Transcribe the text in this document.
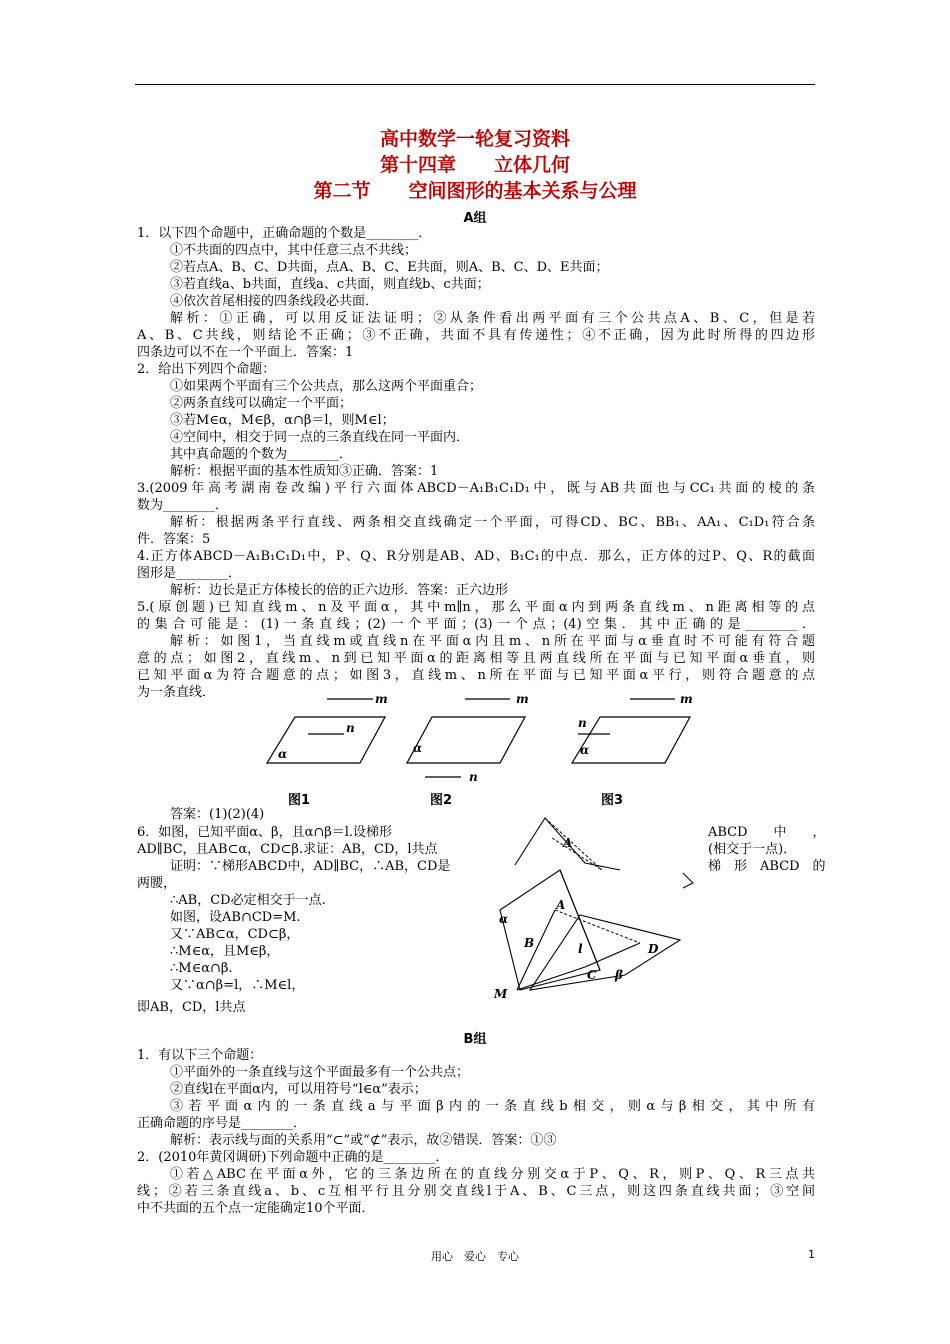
高中数学一轮复习资料
第十四章　　立体几何
第二节　　空间图形的基本关系与公理
A组
1．以下四个命题中，正确命题的个数是________．
①不共面的四点中，其中任意三点不共线；
②若点A、B、C、D共面，点A、B、C、E共面，则A、B、C、D、E共面；
③若直线a、b共面，直线a、c共面，则直线b、c共面；
④依次首尾相接的四条线段必共面．
解析：①正确，可以用反证法证明；②从条件看出两平面有三个公共点A、B、C，但是若
A、B、C共线，则结论不正确；③不正确，共面不具有传递性；④不正确，因为此时所得的四边形
四条边可以不在一个平面上．答案：1
2．给出下列四个命题：
①如果两个平面有三个公共点，那么这两个平面重合；
②两条直线可以确定一个平面；
③若M∈α，M∈β，α∩β＝l，则M∈l；
④空间中，相交于同一点的三条直线在同一平面内．
其中真命题的个数为________．
解析：根据平面的基本性质知③正确．答案：1
3.(2009年高考湖南卷改编)平行六面体ABCD－A₁B₁C₁D₁中，既与AB共面也与CC₁共面的棱的条
数为________．
解析：根据两条平行直线、两条相交直线确定一个平面，可得CD、BC、BB₁、AA₁、C₁D₁符合条
件．答案：5
4.正方体ABCD－A₁B₁C₁D₁中，P、Q、R分别是AB、AD、B₁C₁的中点．那么，正方体的过P、Q、R的截面
图形是________．
解析：边长是正方体棱长的倍的正六边形．答案：正六边形
5.(原创题)已知直线m、n及平面α，其中m∥n，那么平面α内到两条直线m、n距离相等的点
的集合可能是：(1)一条直线；(2)一个平面；(3)一个点；(4)空集．其中正确的是________．
解析：如图1，当直线m或直线n在平面α内且m、n所在平面与α垂直时不可能有符合题
意的点；如图2，直线m、n到已知平面α的距离相等且两直线所在平面与已知平面α垂直，则
已知平面α为符合题意的点；如图3，直线m、n所在平面与已知平面α平行，则符合题意的点
为一条直线．	m
n
α
图1
m
α
n
图2
m
n
α
图3
答案：(1)(2)(4)
6．如图，已知平面α、β，且α∩β＝l.设梯形	ABCD　　中　　，
AD∥BC，且AB⊂α，CD⊂β.求证：AB，CD，l共点	(相交于一点)．
证明：∵梯形ABCD中，AD∥BC，∴AB，CD是	梯　形　ABCD　的
两腰，
∴AB，CD必定相交于一点.
如图，设AB∩CD=M.
又∵AB⊂α，CD⊂β，
∴M∈α，且M∈β，
∴M∈α∩β.
又∵α∩β=l，∴M∈l，
即AB，CD，l共点
A
α
A
B	l	D
C β
M
B组
1．有以下三个命题：
①平面外的一条直线与这个平面最多有一个公共点；
②直线l在平面α内，可以用符号“l∈α”表示；
③若平面α内的一条直线a与平面β内的一条直线b相交，则α与β相交，其中所有
正确命题的序号是________．
解析：表示线与面的关系用“⊂”或“⊄”表示，故②错误．答案：①③
2．(2010年黄冈调研)下列命题中正确的是________．
①若△ABC在平面α外，它的三条边所在的直线分别交α于P、Q、R，则P、Q、R三点共
线；②若三条直线a、b、c互相平行且分别交直线l于A、B、C三点，则这四条直线共面；③空间
中不共面的五个点一定能确定10个平面．
用心　爱心　专心	1
